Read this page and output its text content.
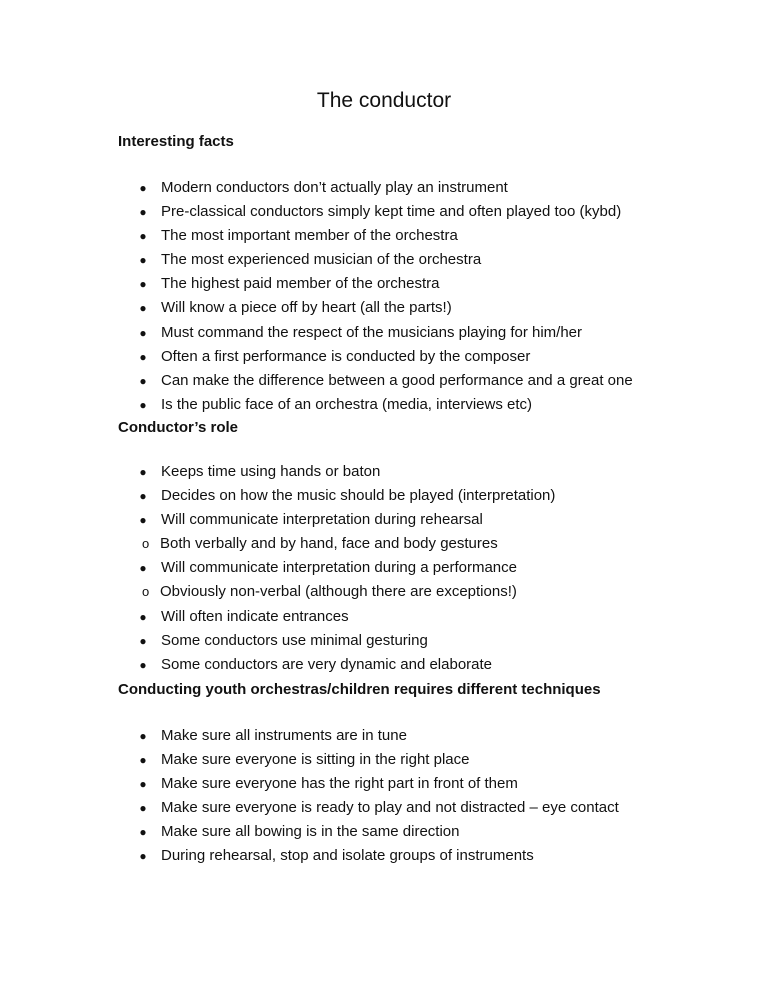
The conductor

Interesting facts

● Modern conductors don’t actually play an instrument
● Pre-classical conductors simply kept time and often played too (kybd)
● The most important member of the orchestra
● The most experienced musician of the orchestra
● The highest paid member of the orchestra
● Will know a piece off by heart (all the parts!)
● Must command the respect of the musicians playing for him/her
● Often a first performance is conducted by the composer
● Can make the difference between a good performance and a great one
● Is the public face of an orchestra (media, interviews etc)

Conductor’s role

● Keeps time using hands or baton
● Decides on how the music should be played (interpretation)
● Will communicate interpretation during rehearsal
o Both verbally and by hand, face and body gestures
● Will communicate interpretation during a performance
o Obviously non-verbal (although there are exceptions!)
● Will often indicate entrances
● Some conductors use minimal gesturing
● Some conductors are very dynamic and elaborate

Conducting youth orchestras/children requires different techniques

● Make sure all instruments are in tune
● Make sure everyone is sitting in the right place
● Make sure everyone has the right part in front of them
● Make sure everyone is ready to play and not distracted – eye contact
● Make sure all bowing is in the same direction
● During rehearsal, stop and isolate groups of instruments
